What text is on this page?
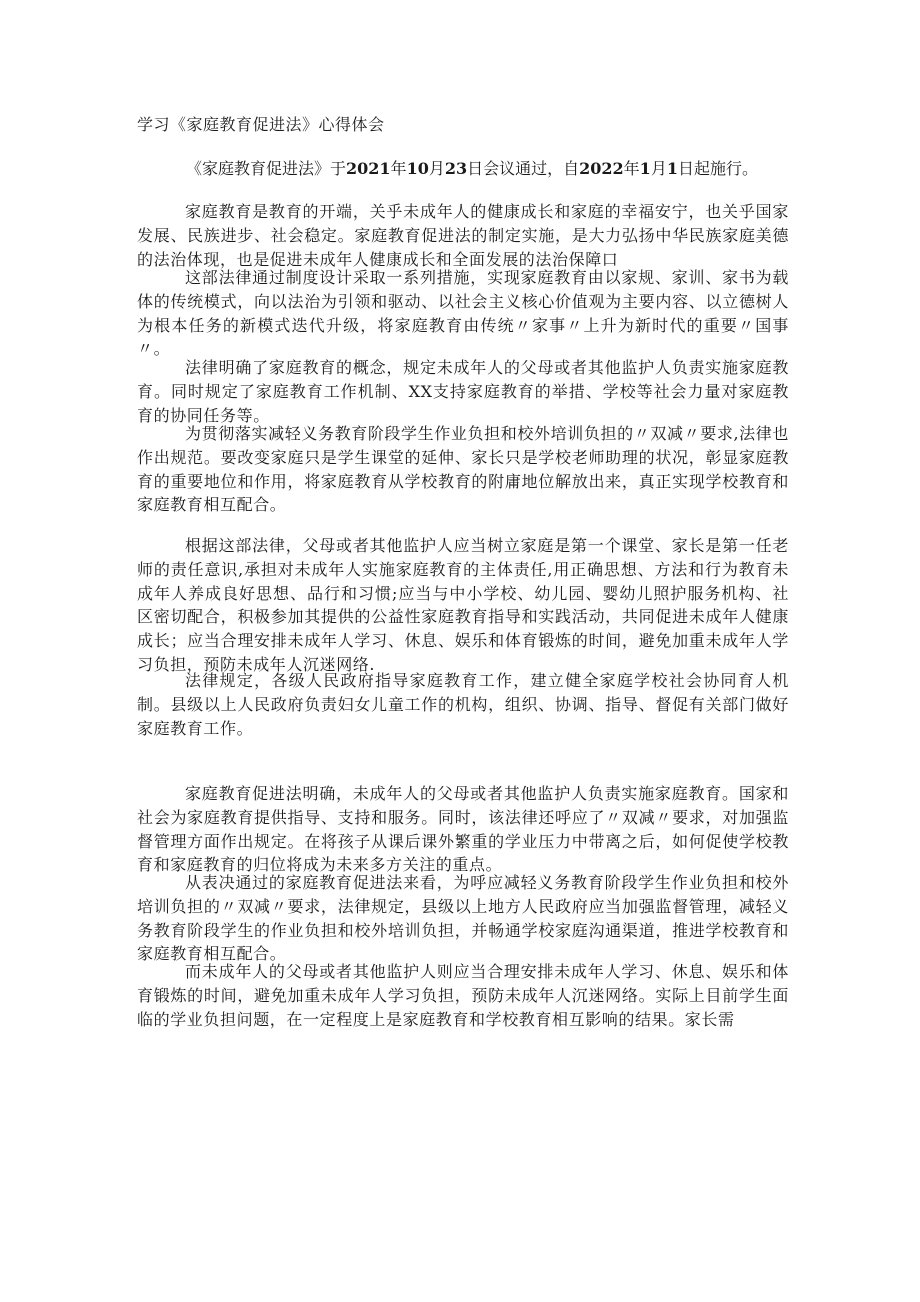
学习《家庭教育促进法》心得体会
《家庭教育促进法》于2021年10月23日会议通过，自2022年1月1日起施行。

家庭教育是教育的开端，关乎未成年人的健康成长和家庭的幸福安宁，也关乎国家发展、民族进步、社会稳定。家庭教育促进法的制定实施，是大力弘扬中华民族家庭美德的法治体现，也是促进未成年人健康成长和全面发展的法治保障口

这部法律通过制度设计采取一系列措施，实现家庭教育由以家规、家训、家书为载体的传统模式，向以法治为引领和驱动、以社会主义核心价值观为主要内容、以立德树人为根本任务的新模式迭代升级，将家庭教育由传统〃家事〃上升为新时代的重要〃国事〃。

法律明确了家庭教育的概念，规定未成年人的父母或者其他监护人负责实施家庭教育。同时规定了家庭教育工作机制、XX支持家庭教育的举措、学校等社会力量对家庭教育的协同任务等。

为贯彻落实减轻义务教育阶段学生作业负担和校外培训负担的〃双减〃要求,法律也作出规范。要改变家庭只是学生课堂的延伸、家长只是学校老师助理的状况，彰显家庭教育的重要地位和作用，将家庭教育从学校教育的附庸地位解放出来，真正实现学校教育和家庭教育相互配合。

根据这部法律，父母或者其他监护人应当树立家庭是第一个课堂、家长是第一任老师的责任意识,承担对未成年人实施家庭教育的主体责任,用正确思想、方法和行为教育未成年人养成良好思想、品行和习惯;应当与中小学校、幼儿园、婴幼儿照护服务机构、社区密切配合，积极参加其提供的公益性家庭教育指导和实践活动，共同促进未成年人健康成长；应当合理安排未成年人学习、休息、娱乐和体育锻炼的时间，避免加重未成年人学习负担，预防未成年人沉迷网络.

法律规定，各级人民政府指导家庭教育工作，建立健全家庭学校社会协同育人机制。县级以上人民政府负责妇女儿童工作的机构，组织、协调、指导、督促有关部门做好家庭教育工作。

家庭教育促进法明确，未成年人的父母或者其他监护人负责实施家庭教育。国家和社会为家庭教育提供指导、支持和服务。同时，该法律还呼应了〃双减〃要求，对加强监督管理方面作出规定。在将孩子从课后课外繁重的学业压力中带离之后，如何促使学校教育和家庭教育的归位将成为未来多方关注的重点。

从表决通过的家庭教育促进法来看，为呼应减轻义务教育阶段学生作业负担和校外培训负担的〃双减〃要求，法律规定，县级以上地方人民政府应当加强监督管理，减轻义务教育阶段学生的作业负担和校外培训负担，并畅通学校家庭沟通渠道，推进学校教育和家庭教育相互配合。

而未成年人的父母或者其他监护人则应当合理安排未成年人学习、休息、娱乐和体育锻炼的时间，避免加重未成年人学习负担，预防未成年人沉迷网络。实际上目前学生面临的学业负担问题，在一定程度上是家庭教育和学校教育相互影响的结果。家长需
